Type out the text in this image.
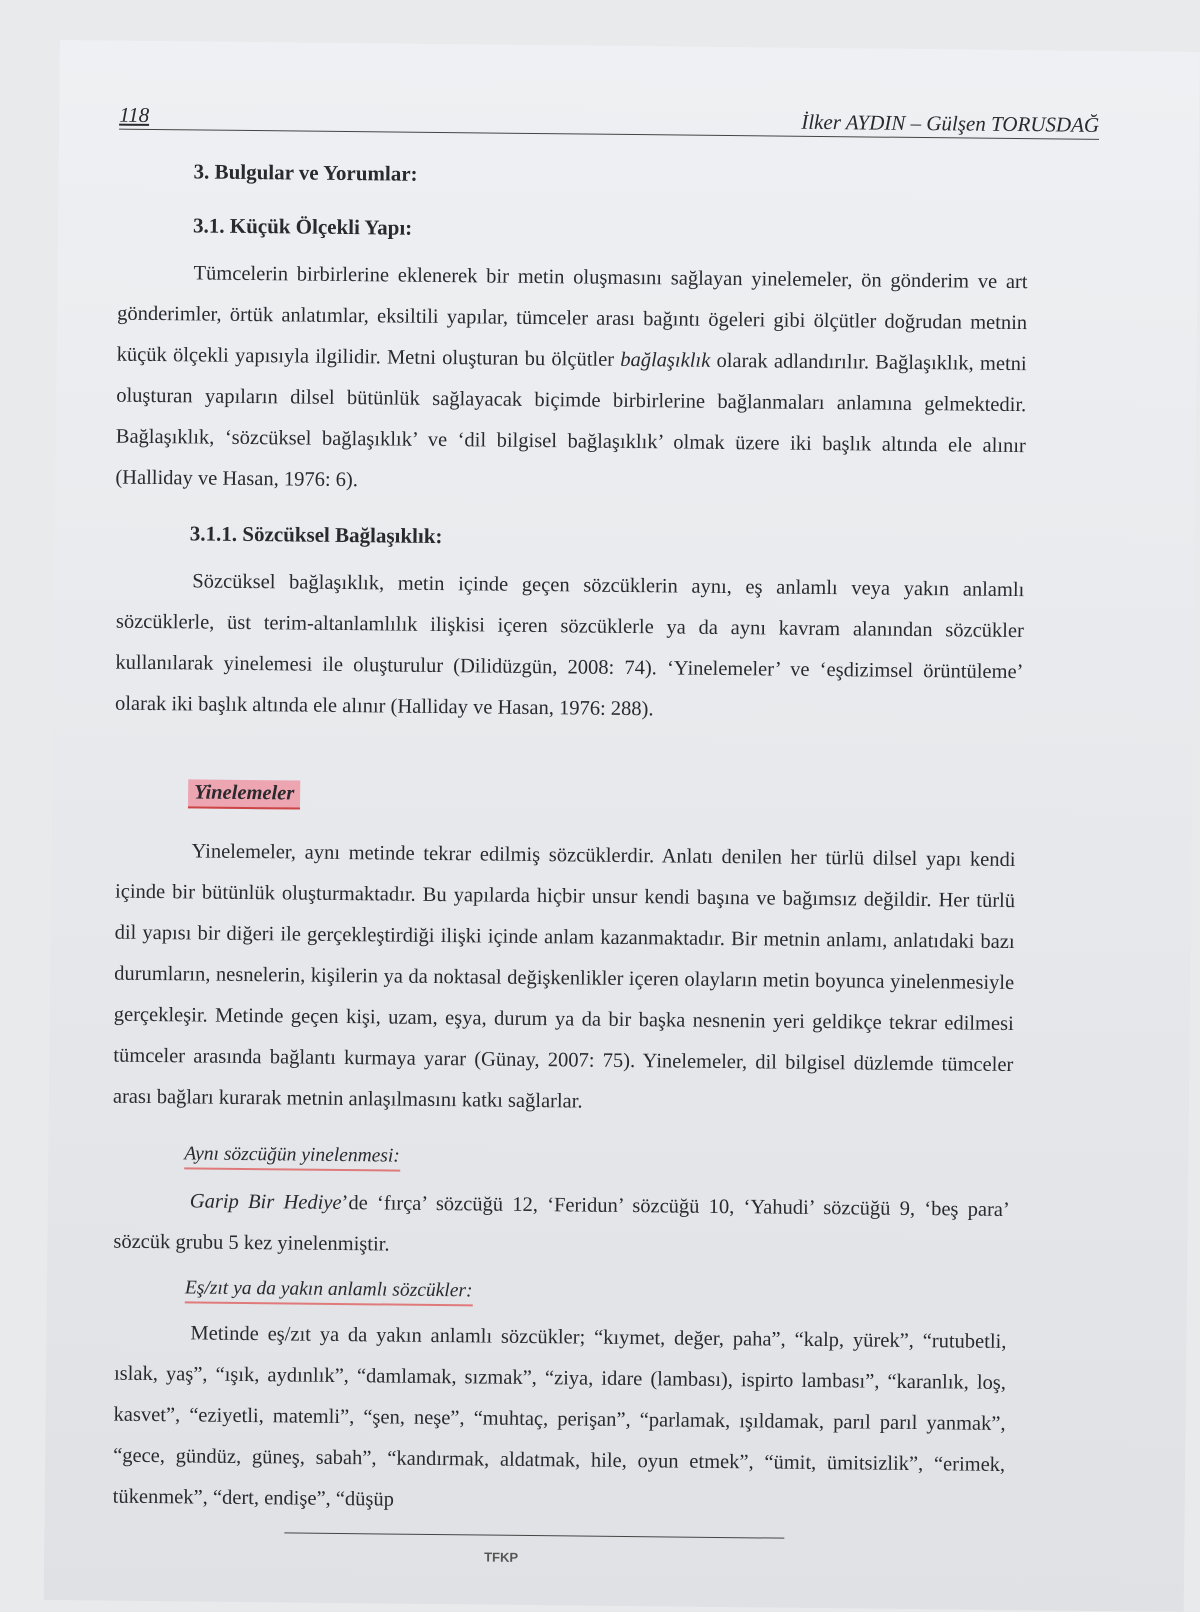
118	İlker AYDIN – Gülşen TORUSDAĞ
3. Bulgular ve Yorumlar:
3.1. Küçük Ölçekli Yapı:
Tümcelerin birbirlerine eklenerek bir metin oluşmasını sağlayan yinelemeler, ön gönderim ve art gönderimler, örtük anlatımlar, eksiltili yapılar, tümceler arası bağıntı ögeleri gibi ölçütler doğrudan metnin küçük ölçekli yapısıyla ilgilidir. Metni oluşturan bu ölçütler bağlaşıklık olarak adlandırılır. Bağlaşıklık, metni oluşturan yapıların dilsel bütünlük sağlayacak biçimde birbirlerine bağlanmaları anlamına gelmektedir. Bağlaşıklık, ‘sözcüksel bağlaşıklık’ ve ‘dil bilgisel bağlaşıklık’ olmak üzere iki başlık altında ele alınır (Halliday ve Hasan, 1976: 6).
3.1.1. Sözcüksel Bağlaşıklık:
Sözcüksel bağlaşıklık, metin içinde geçen sözcüklerin aynı, eş anlamlı veya yakın anlamlı sözcüklerle, üst terim-altanlamlılık ilişkisi içeren sözcüklerle ya da aynı kavram alanından sözcükler kullanılarak yinelemesi ile oluşturulur (Dilidüzgün, 2008: 74). ‘Yinelemeler’ ve ‘eşdizimsel örüntüleme’ olarak iki başlık altında ele alınır (Halliday ve Hasan, 1976: 288).
Yinelemeler
Yinelemeler, aynı metinde tekrar edilmiş sözcüklerdir. Anlatı denilen her türlü dilsel yapı kendi içinde bir bütünlük oluşturmaktadır. Bu yapılarda hiçbir unsur kendi başına ve bağımsız değildir. Her türlü dil yapısı bir diğeri ile gerçekleştirdiği ilişki içinde anlam kazanmaktadır. Bir metnin anlamı, anlatıdaki bazı durumların, nesnelerin, kişilerin ya da noktasal değişkenlikler içeren olayların metin boyunca yinelenmesiyle gerçekleşir. Metinde geçen kişi, uzam, eşya, durum ya da bir başka nesnenin yeri geldikçe tekrar edilmesi tümceler arasında bağlantı kurmaya yarar (Günay, 2007: 75). Yinelemeler, dil bilgisel düzlemde tümceler arası bağları kurarak metnin anlaşılmasını katkı sağlarlar.
Aynı sözcüğün yinelenmesi:
Garip Bir Hediye’de ‘fırça’ sözcüğü 12, ‘Feridun’ sözcüğü 10, ‘Yahudi’ sözcüğü 9, ‘beş para’ sözcük grubu 5 kez yinelenmiştir.
Eş/zıt ya da yakın anlamlı sözcükler:
Metinde eş/zıt ya da yakın anlamlı sözcükler; “kıymet, değer, paha”, “kalp, yürek”, “rutubetli, ıslak, yaş”, “ışık, aydınlık”, “damlamak, sızmak”, “ziya, idare (lambası), ispirto lambası”, “karanlık, loş, kasvet”, “eziyetli, matemli”, “şen, neşe”, “muhtaç, perişan”, “parlamak, ışıldamak, parıl parıl yanmak”, “gece, gündüz, güneş, sabah”, “kandırmak, aldatmak, hile, oyun etmek”, “ümit, ümitsizlik”, “erimek, tükenmek”, “dert, endişe”, “düşüp
TFKP
